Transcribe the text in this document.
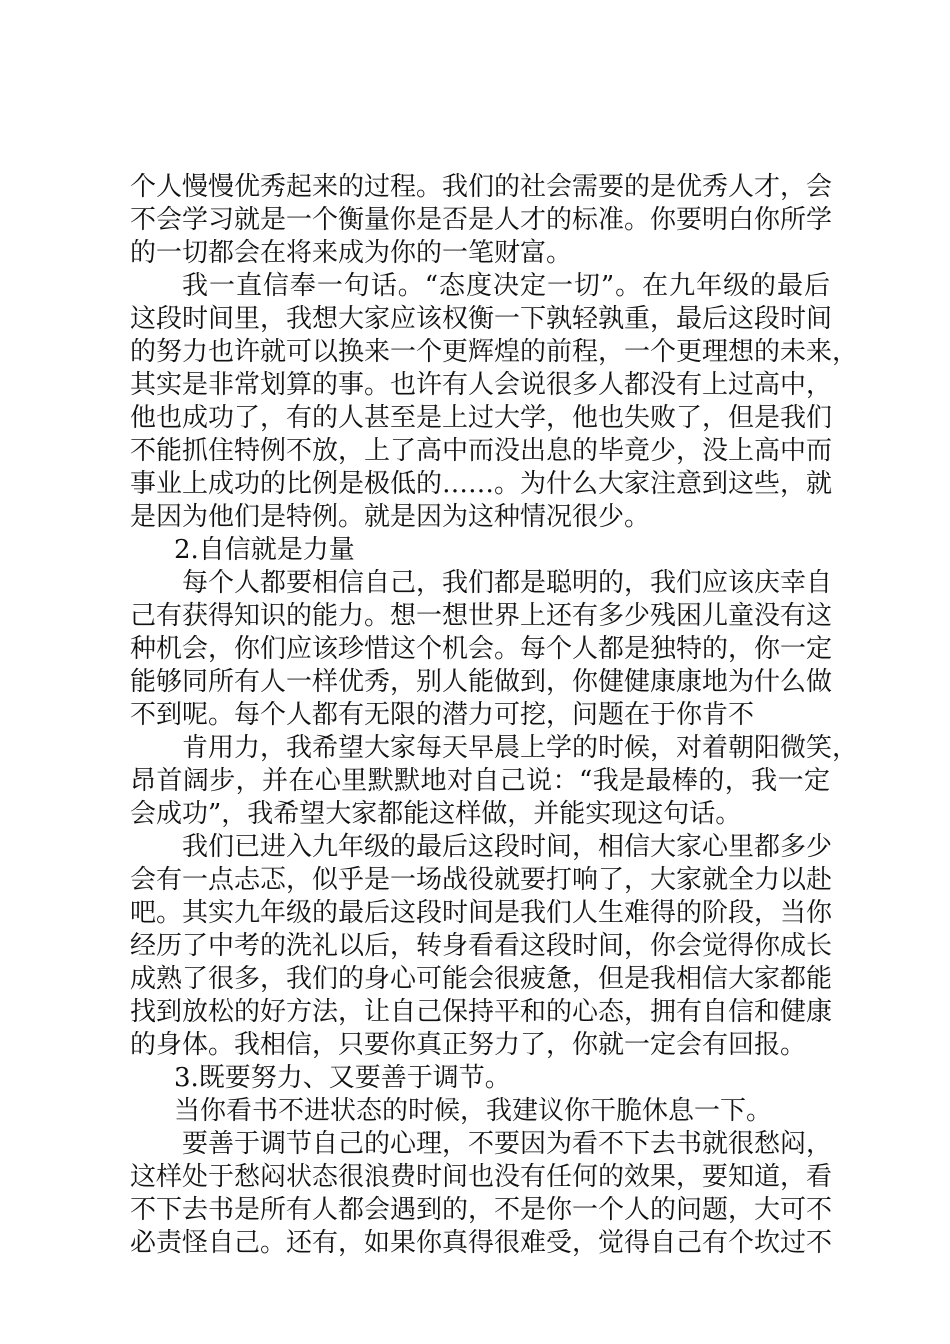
个人慢慢优秀起来的过程。我们的社会需要的是优秀人才，会
不会学习就是一个衡量你是否是人才的标准。你要明白你所学
的一切都会在将来成为你的一笔财富。
我一直信奉一句话。“态度决定一切”。在九年级的最后
这段时间里，我想大家应该权衡一下孰轻孰重，最后这段时间
的努力也许就可以换来一个更辉煌的前程，一个更理想的未来，
其实是非常划算的事。也许有人会说很多人都没有上过高中，
他也成功了，有的人甚至是上过大学，他也失败了，但是我们
不能抓住特例不放，上了高中而没出息的毕竟少，没上高中而
事业上成功的比例是极低的……。为什么大家注意到这些，就
是因为他们是特例。就是因为这种情况很少。
2.自信就是力量
每个人都要相信自己，我们都是聪明的，我们应该庆幸自
己有获得知识的能力。想一想世界上还有多少残困儿童没有这
种机会，你们应该珍惜这个机会。每个人都是独特的，你一定
能够同所有人一样优秀，别人能做到，你健健康康地为什么做
不到呢。每个人都有无限的潜力可挖，问题在于你肯不
肯用力，我希望大家每天早晨上学的时候，对着朝阳微笑，
昂首阔步，并在心里默默地对自己说：“我是最棒的，我一定
会成功”，我希望大家都能这样做，并能实现这句话。
我们已进入九年级的最后这段时间，相信大家心里都多少
会有一点忐忑，似乎是一场战役就要打响了，大家就全力以赴
吧。其实九年级的最后这段时间是我们人生难得的阶段，当你
经历了中考的洗礼以后，转身看看这段时间，你会觉得你成长
成熟了很多，我们的身心可能会很疲惫，但是我相信大家都能
找到放松的好方法，让自己保持平和的心态，拥有自信和健康
的身体。我相信，只要你真正努力了，你就一定会有回报。
3.既要努力、又要善于调节。
当你看书不进状态的时候，我建议你干脆休息一下。
要善于调节自己的心理，不要因为看不下去书就很愁闷，
这样处于愁闷状态很浪费时间也没有任何的效果，要知道，看
不下去书是所有人都会遇到的，不是你一个人的问题，大可不
必责怪自己。还有，如果你真得很难受，觉得自己有个坎过不
